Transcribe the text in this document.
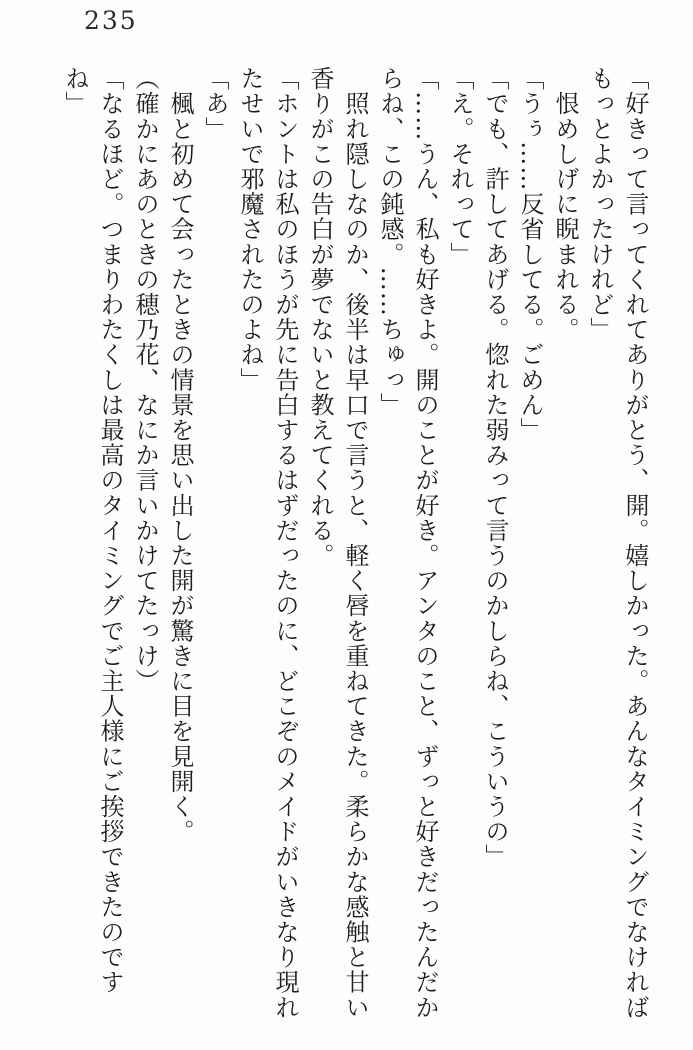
235

「好きって言ってくれてありがとう、開。嬉しかった。あんなタイミングでなければ

もっとよかったけれど」

　恨めしげに睨まれる。

「うぅ……反省してる。ごめん」

「でも、許してあげる。惚れた弱みって言うのかしらね、こういうの」

「え。それって」

「……うん、私も好きよ。開のことが好き。アンタのこと、ずっと好きだったんだか

らね、この鈍感。……ちゅっ」

　照れ隠しなのか、後半は早口で言うと、軽く唇を重ねてきた。柔らかな感触と甘い

香りがこの告白が夢でないと教えてくれる。

「ホントは私のほうが先に告白するはずだったのに、どこぞのメイドがいきなり現れ

たせいで邪魔されたのよね」

「あ」

　楓と初めて会ったときの情景を思い出した開が驚きに目を見開く。

（確かにあのときの穂乃花、なにか言いかけてたっけ）

「なるほど。つまりわたくしは最高のタイミングでご主人様にご挨拶できたのです

ね」
